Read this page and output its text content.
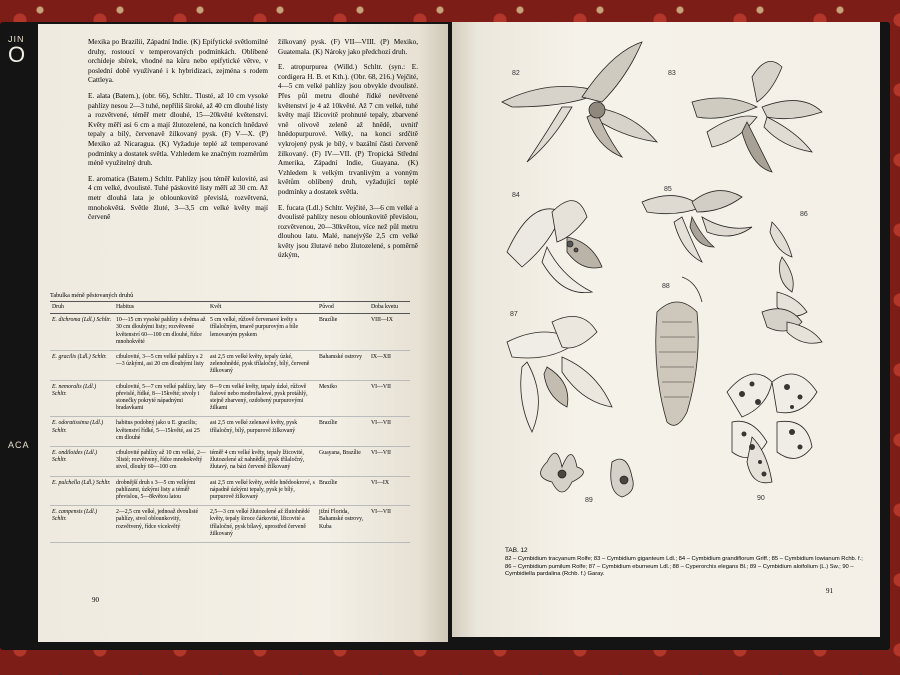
JIN
O
ACA

Mexika po Brazílii, Západní Indie. (K) Epifytické světlomilné druhy, rostoucí v temperovaných podmínkách. Oblíbené orchideje sbírek, vhodné na kůru nebo epifytické větve, v poslední době využívané i k hybridizaci, zejména s rodem Cattleya.

E. alata (Batem.), (obr. 66), Schltr.. Tlusté, až 10 cm vysoké pahlízy nesou 2—3 tuhé, nepříliš široké, až 40 cm dlouhé listy a rozvětvené, téměř metr dlouhé, 15—20květé květenství. Květy měří asi 6 cm a mají žlutozelené, na koncích hnědavé tepaly a bílý, červenavě žilkovaný pysk. (F) V—X. (P) Mexiko až Nicaragua. (K) Vyžaduje teplé až temperované podmínky a dostatek světla. Vzhledem ke značným rozměrům méně využitelný druh.

E. aromatica (Batem.) Schltr. Pahlízy jsou téměř kulovité, asi 4 cm velké, dvoulisté. Tuhé páskovité listy měří až 30 cm. Až metr dlouhá lata je oblounkovitě převislá, rozvětvená, mnohokvětá. Světle žluté, 3—3,5 cm velké květy mají červeně

žilkovaný pysk. (F) VII—VIII. (P) Mexiko, Guatemala. (K) Nároky jako předchozí druh.

E. atropurpurea (Willd.) Schltr. (syn.: E. cordigera H. B. et Kth.). (Obr. 68, 216.) Vejčité, 4—5 cm velké pahlízy jsou obvykle dvoulisté. Přes půl metru dlouhé řídké nevětvené květenství je 4 až 10květé. Až 7 cm velké, tuhé květy mají lžicovitě prohnuté tepaly, zbarvené vně olivově zeleně až hnědě, uvnitř hnědopurpurové. Velký, na konci srdčitě vykrojený pysk je bílý, v bazální části červeně žilkovaný. (F) IV—VII. (P) Tropická Střední Amerika, Západní Indie, Guayana. (K) Vzhledem k velkým trvanlivým a vonným květům oblíbený druh, vyžadující teplé podmínky a dostatek světla.

E. fucata (Ldl.) Schltr. Vejčité, 3—6 cm velké a dvoulisté pahlízy nesou oblounkovitě převislou, rozvětvenou, 20—30květou, více než půl metru dlouhou latu. Malé, nanejvýše 2,5 cm velké květy jsou žlutavé nebo žlutozelené, s poměrně úzkým,

Tabulka méně pěstovaných druhů
Druh	Habitus	Květ	Původ	Doba kvetu
E. dichroma (Ldl.) Schltr.	10—15 cm vysoké pahlízy s dvěma až 30 cm dlouhými listy; rozvětvené květenství 60—100 cm dlouhé, řídce mnohokvěté	5 cm velké, růžově červenavé květy s třílaločným, tmavě purpurovým a bíle lemovaným pyskem	Brazílie	VIII—IX
E. gracilis (Ldl.) Schltr.	cibulovité, 3—5 cm velké pahlízy s 2—3 úzkými, asi 20 cm dlouhými listy	asi 2,5 cm velké květy, tepaly úzké, zelenohnědé, pysk třílaločný, bílý, červeně žilkovaný	Bahamské ostrovy	IX—XII
E. nemoralis (Ldl.) Schltr.	cibulovité, 5—7 cm velké pahlízy, laty převislé, řídké, 8—15květé; stvoly i stonečky pokryté nápadnými bradavkami	8—9 cm velké květy, tepaly úzké, růžově fialové nebo modrofialové, pysk protáhlý, stejně zbarvený, ozdobený purpurovými žilkami	Mexiko	VI—VII
E. odoratissima (Ldl.) Schltr.	habitus podobný jako u E. gracilis; květenství řídké, 5—15květé, asi 25 cm dlouhé	asi 2,5 cm velké zelenavé květy, pysk třílaločný, bílý, purpurově žilkovaný	Brazílie	VI—VII
E. ondiloides (Ldl.) Schltr.	cibulovité pahlízy až 10 cm velké, 2—3listé; rozvětvený, řídce mnohokvětý stvol, dlouhý 60—100 cm	téměř 4 cm velké květy, tepaly lžicovité, žlutozelené až nahnědlé, pysk třílaločný, žlutavý, na bázi červeně žilkovaný	Guayana, Brazílie	VI—VII
E. pulchella (Ldl.) Schltr.	drobnější druh s 3—5 cm velkými pahlízami, úzkými listy a téměř převislou, 5—8květou latou	asi 2,5 cm velké květy, světle hnědookrové, s nápadně úzkými tepaly, pysk je bílý, purpurově žilkovaný	Brazílie	VI—IX
E. campensis (Ldl.) Schltr.	2—2,5 cm velké, jednoaž dvoulisté pahlízy, stvol oblounkovitý, rozvětvený, řídce vícekvětý	2,5—3 cm velké žlutozelené až žlutohnědé květy, tepaly široce čárkovité, lžicovité a třílaločné, pysk bílavý, uprostřed červeně žilkovaný	jižní Florida, Bahamské ostrovy, Kuba	VI—VII
90
82	83
84
85
86
87
88
89	90
TAB. 12
82 – Cymbidium tracyanum Rolfe; 83 – Cymbidium giganteum Ldl.; 84 – Cymbidium grandiflorum Griff.; 85 – Cymbidium lowianum Rchb. f.; 86 – Cymbidium pumilum Rolfe; 87 – Cymbidium eburneum Ldl.; 88 – Cyperorchis elegans Bl.; 89 – Cymbidium aloifolium (L.) Sw.; 90 – Cymbidiella pardalina (Rchb. f.) Garay.
91
